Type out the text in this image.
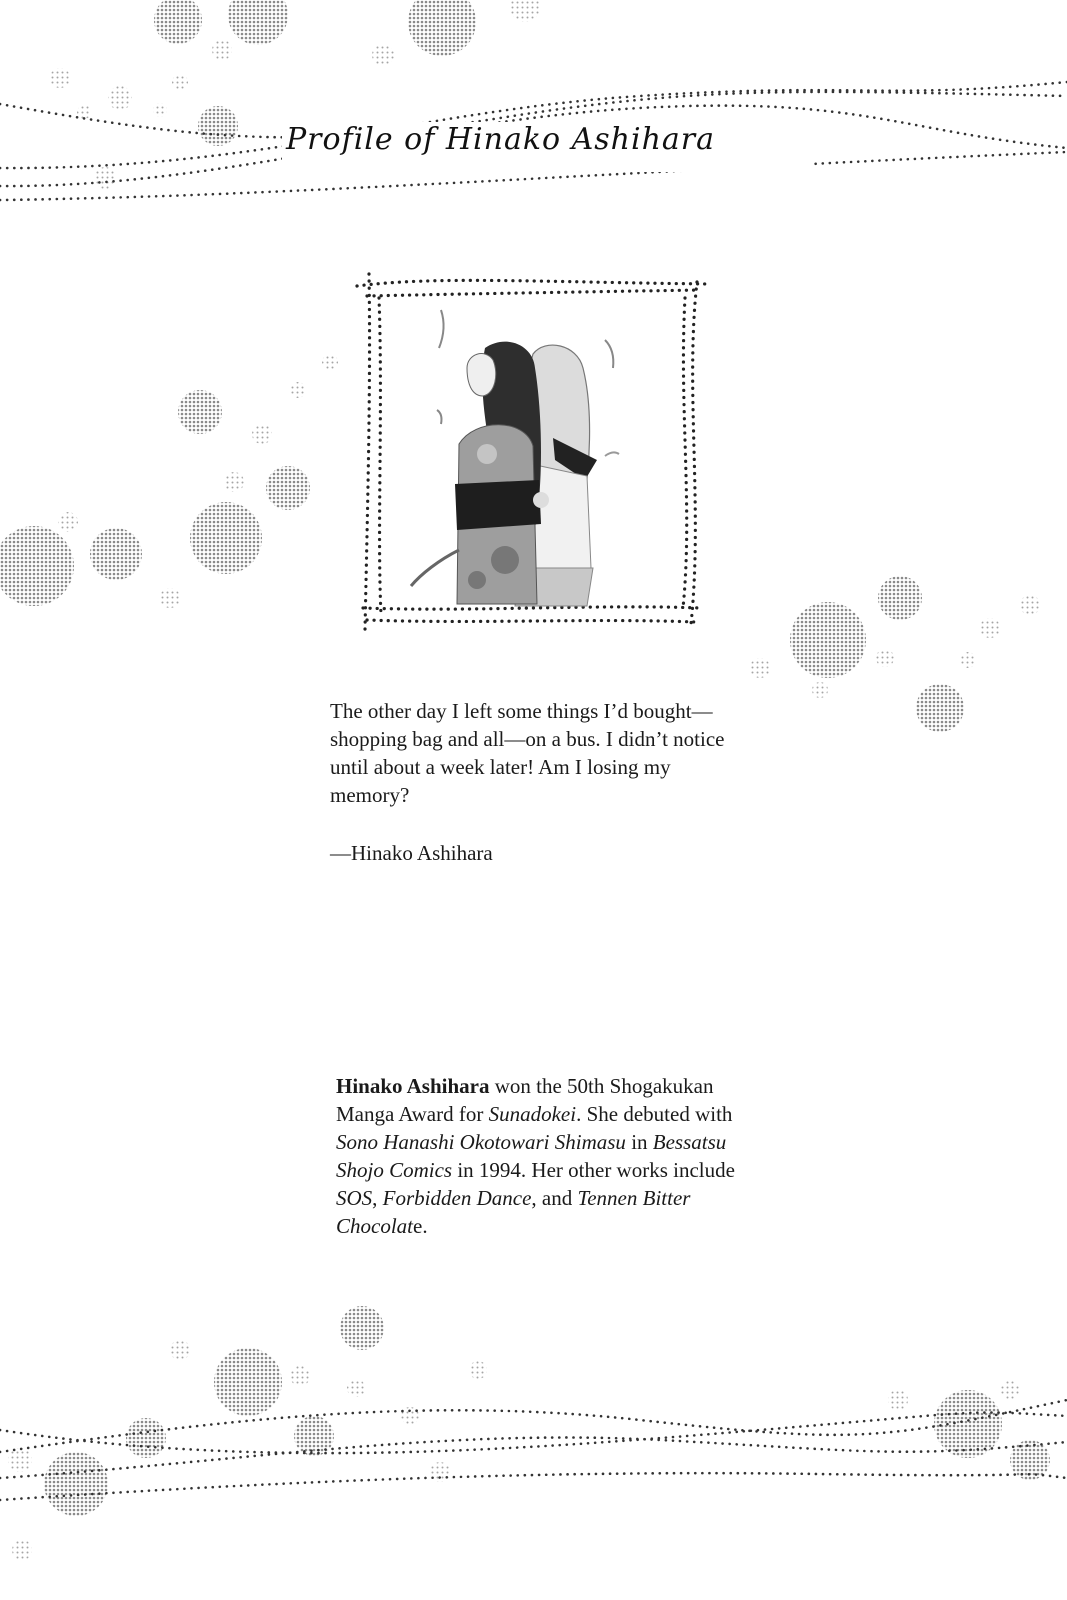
Profile of Hinako Ashihara
The other day I left some things I’d bought—shopping bag and all—on a bus. I didn’t notice until about a week later! Am I losing my memory?
—Hinako Ashihara
Hinako Ashihara won the 50th Shogakukan Manga Award for Sunadokei. She debuted with Sono Hanashi Okotowari Shimasu in Bessatsu Shojo Comics in 1994. Her other works include SOS, Forbidden Dance, and Tennen Bitter Chocolate.
